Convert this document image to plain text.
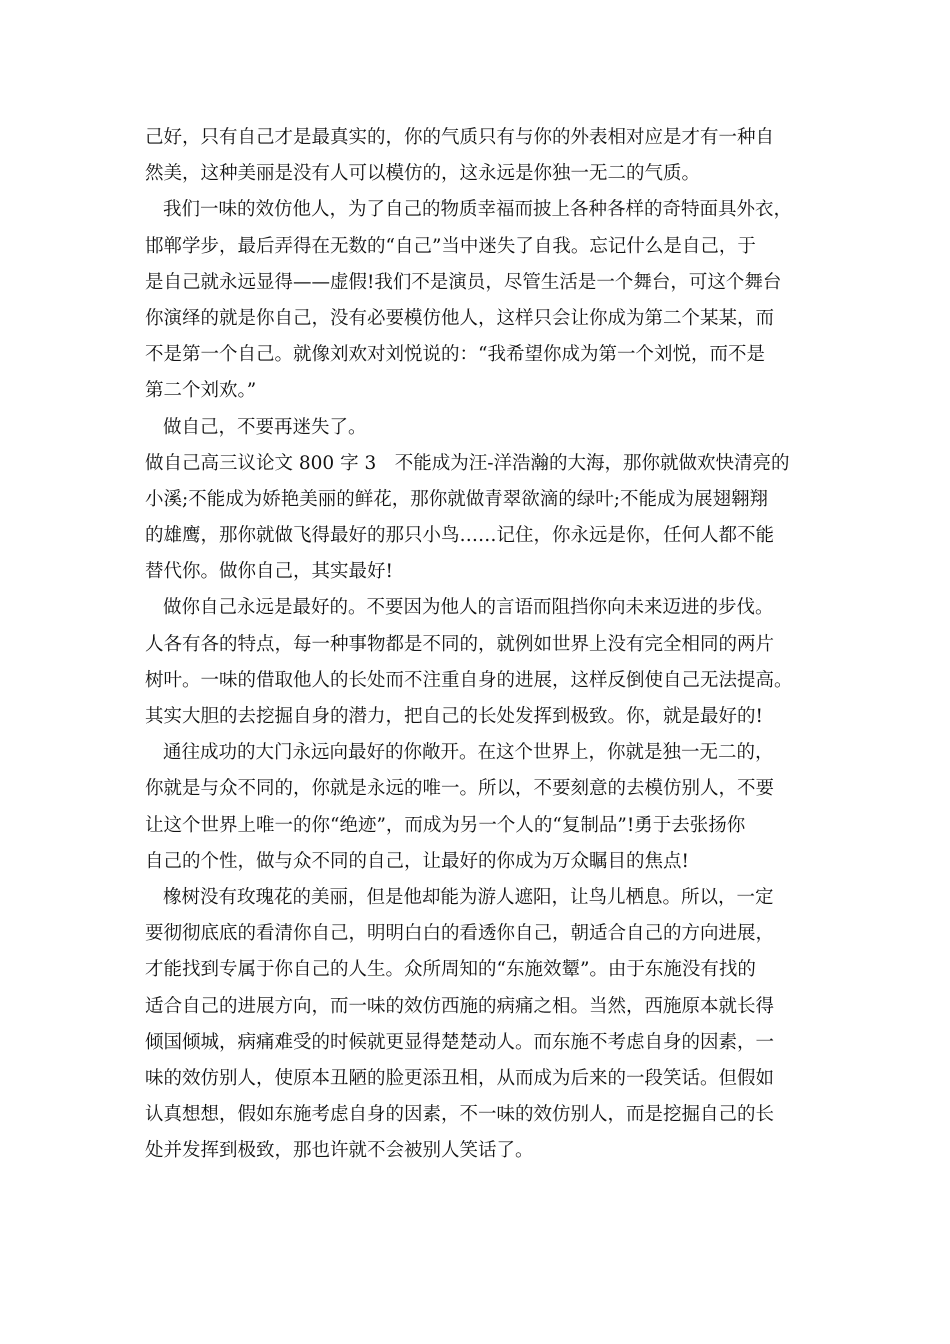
己好，只有自己才是最真实的，你的气质只有与你的外表相对应是才有一种自
然美，这种美丽是没有人可以模仿的，这永远是你独一无二的气质。
我们一味的效仿他人，为了自己的物质幸福而披上各种各样的奇特面具外衣，
邯郸学步，最后弄得在无数的“自己”当中迷失了自我。忘记什么是自己，于
是自己就永远显得——虚假!我们不是演员，尽管生活是一个舞台，可这个舞台
你演绎的就是你自己，没有必要模仿他人，这样只会让你成为第二个某某，而
不是第一个自己。就像刘欢对刘悦说的：“我希望你成为第一个刘悦，而不是
第二个刘欢。”
做自己，不要再迷失了。
做自己高三议论文 800 字 3　不能成为汪-洋浩瀚的大海，那你就做欢快清亮的
小溪;不能成为娇艳美丽的鲜花，那你就做青翠欲滴的绿叶;不能成为展翅翱翔
的雄鹰，那你就做飞得最好的那只小鸟……记住，你永远是你，任何人都不能
替代你。做你自己，其实最好!
做你自己永远是最好的。不要因为他人的言语而阻挡你向未来迈进的步伐。
人各有各的特点，每一种事物都是不同的，就例如世界上没有完全相同的两片
树叶。一味的借取他人的长处而不注重自身的进展，这样反倒使自己无法提高。
其实大胆的去挖掘自身的潜力，把自己的长处发挥到极致。你，就是最好的!
通往成功的大门永远向最好的你敞开。在这个世界上，你就是独一无二的，
你就是与众不同的，你就是永远的唯一。所以，不要刻意的去模仿别人，不要
让这个世界上唯一的你“绝迹”，而成为另一个人的“复制品”!勇于去张扬你
自己的个性，做与众不同的自己，让最好的你成为万众瞩目的焦点!
橡树没有玫瑰花的美丽，但是他却能为游人遮阳，让鸟儿栖息。所以，一定
要彻彻底底的看清你自己，明明白白的看透你自己，朝适合自己的方向进展，
才能找到专属于你自己的人生。众所周知的“东施效颦”。由于东施没有找的
适合自己的进展方向，而一味的效仿西施的病痛之相。当然，西施原本就长得
倾国倾城，病痛难受的时候就更显得楚楚动人。而东施不考虑自身的因素，一
味的效仿别人，使原本丑陋的脸更添丑相，从而成为后来的一段笑话。但假如
认真想想，假如东施考虑自身的因素，不一味的效仿别人，而是挖掘自己的长
处并发挥到极致，那也许就不会被别人笑话了。
